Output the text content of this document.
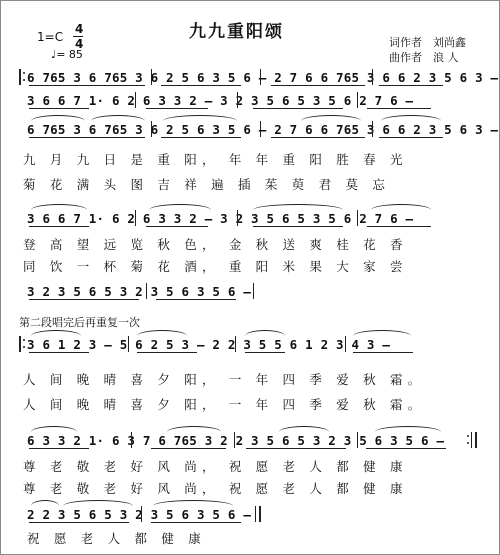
九九重阳颂
1=C
4
4
♩= 85
词作者 刘尚鑫
曲作者 浪 人
6 765 3 6 765 3 6 2 5 6 3 5 6 – 2 7 6 6 765 3 6 6 2 3 5 6 3 –
3 6 6 7 1· 6 2 6 3 3 2 – 3 2 3 5 6 5 3 5 6 2 7 6 –
6 765 3 6 765 3 6 2 5 6 3 5 6 – 2 7 6 6 765 3 6 6 2 3 5 6 3 –
九 月 九 日 是 重 阳， 年 年 重 阳 胜 春 光
菊 花 满 头 图 吉 祥 遍 插 茱 萸 君 莫 忘
3 6 6 7 1· 6 2 6 3 3 2 – 3 2 3 5 6 5 3 5 6 2 7 6 –
登 高 望 远 览 秋 色， 金 秋 送 爽 桂 花 香
同 饮 一 杯 菊 花 酒， 重 阳 米 果 大 家 尝
3 2 3 5 6 5 3 2 3 5 6 3 5 6 –
第二段唱完后再重复一次
3 6 1 2 3 – 5 6 2 5 3 – 2 2 3 5 5 6 1 2 3 4 3 –
人 间 晚 晴 喜 夕 阳， 一 年 四 季 爱 秋 霜。
人 间 晚 晴 喜 夕 阳， 一 年 四 季 爱 秋 霜。
6 3 3 2 1· 6 3 7 6 765 3 2 2 3 5 6 5 3 2 3 5 6 3 5 6 –
尊 老 敬 老 好 风 尚， 祝 愿 老 人 都 健 康
尊 老 敬 老 好 风 尚， 祝 愿 老 人 都 健 康
2 2 3 5 6 5 3 2 3 5 6 3 5 6 –
祝 愿 老 人 都 健 康
